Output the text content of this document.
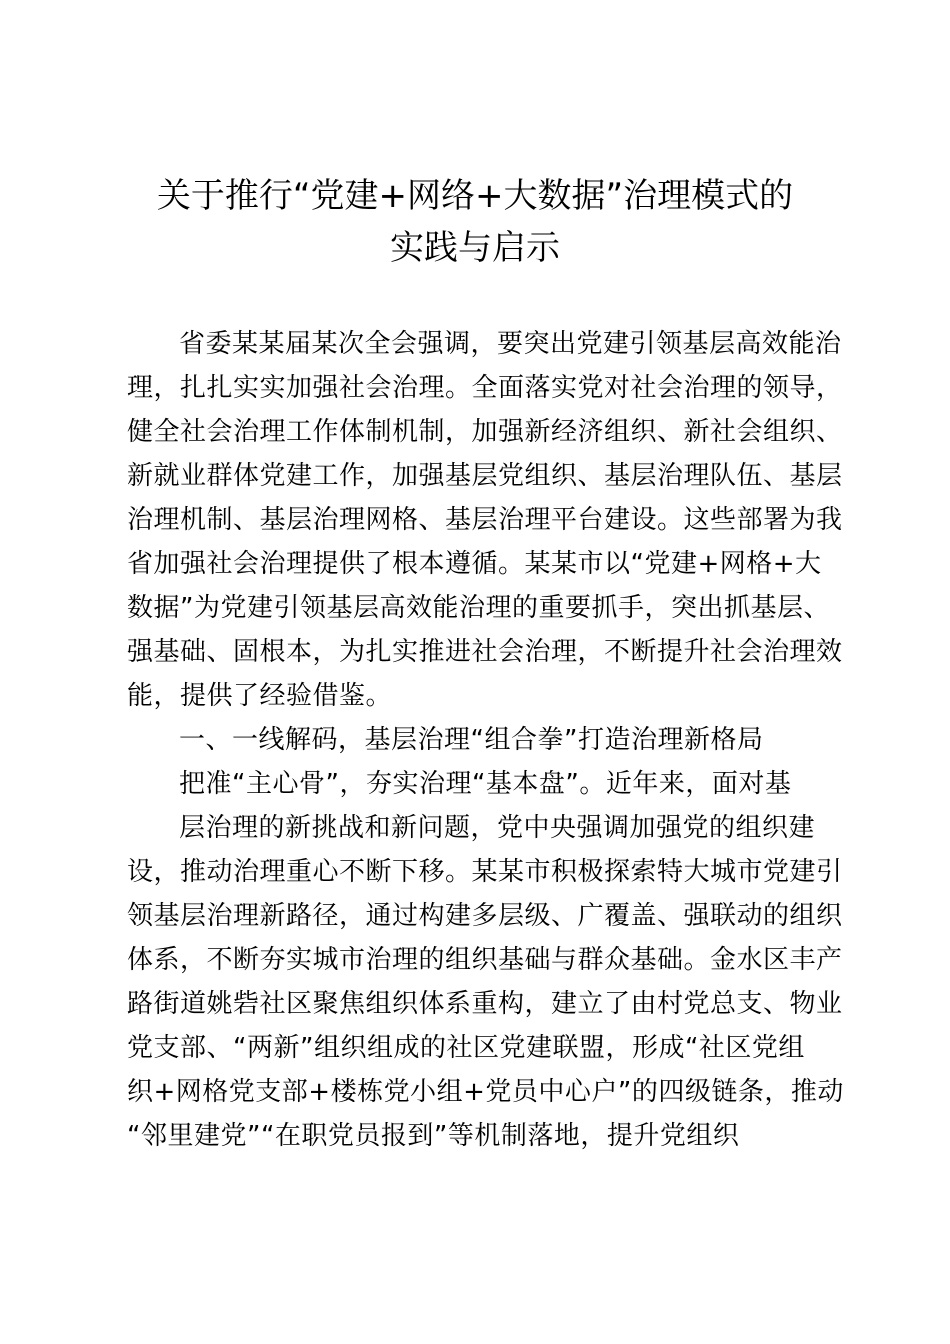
关于推行“党建+网络+大数据”治理模式的
实践与启示
省委某某届某次全会强调，要突出党建引领基层高效能治
理，扎扎实实加强社会治理。全面落实党对社会治理的领导，
健全社会治理工作体制机制，加强新经济组织、新社会组织、
新就业群体党建工作，加强基层党组织、基层治理队伍、基层
治理机制、基层治理网格、基层治理平台建设。这些部署为我
省加强社会治理提供了根本遵循。某某市以“党建+网格+大
数据”为党建引领基层高效能治理的重要抓手，突出抓基层、
强基础、固根本，为扎实推进社会治理，不断提升社会治理效
能，提供了经验借鉴。
一、一线解码，基层治理“组合拳”打造治理新格局
把准“主心骨”，夯实治理“基本盘”。近年来，面对基
层治理的新挑战和新问题，党中央强调加强党的组织建
设，推动治理重心不断下移。某某市积极探索特大城市党建引
领基层治理新路径，通过构建多层级、广覆盖、强联动的组织
体系，不断夯实城市治理的组织基础与群众基础。金水区丰产
路街道姚砦社区聚焦组织体系重构，建立了由村党总支、物业
党支部、“两新”组织组成的社区党建联盟，形成“社区党组
织+网格党支部+楼栋党小组+党员中心户”的四级链条，推动
“邻里建党”“在职党员报到”等机制落地，提升党组织
